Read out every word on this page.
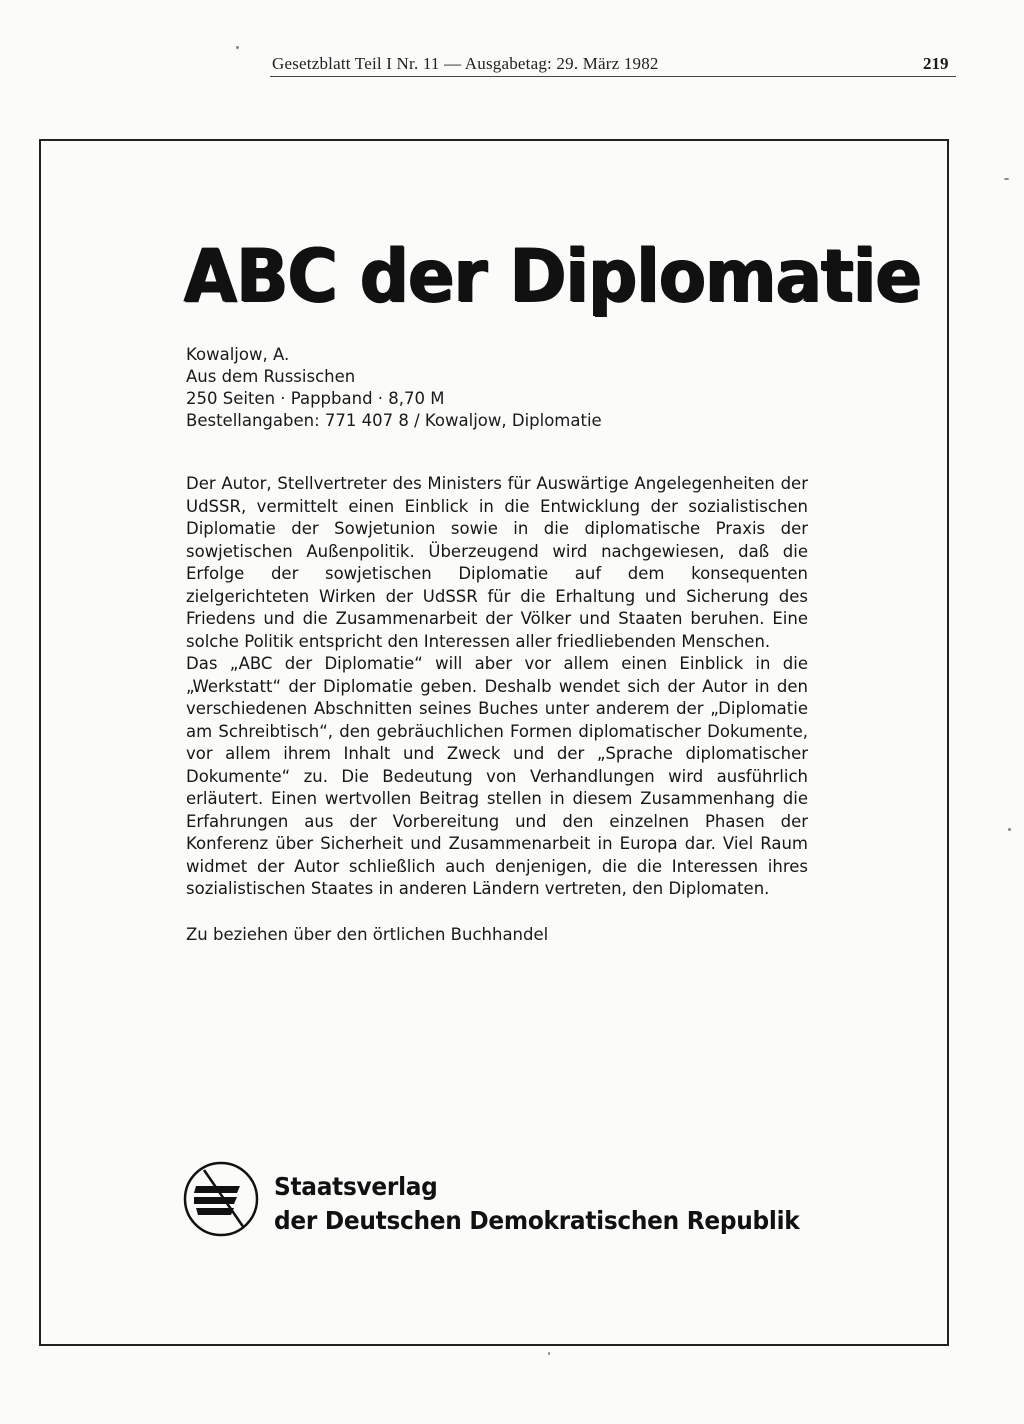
Gesetzblatt Teil I Nr. 11 — Ausgabetag: 29. März 1982	219
ABC der Diplomatie
Kowaljow, A.
Aus dem Russischen
250 Seiten · Pappband · 8,70 M
Bestellangaben: 771 407 8 / Kowaljow, Diplomatie

Der Autor, Stellvertreter des Ministers für Auswärtige Angelegenheiten der UdSSR, vermittelt einen Einblick in die Entwicklung der sozialistischen Diplomatie der Sowjetunion sowie in die diplomatische Praxis der sowjetischen Außenpolitik. Überzeugend wird nachgewiesen, daß die Erfolge der sowjetischen Diplomatie auf dem konsequenten zielgerichteten Wirken der UdSSR für die Erhaltung und Sicherung des Friedens und die Zusammenarbeit der Völker und Staaten beruhen. Eine solche Politik entspricht den Interessen aller friedliebenden Menschen.

Das „ABC der Diplomatie“ will aber vor allem einen Einblick in die „Werkstatt“ der Diplomatie geben. Deshalb wendet sich der Autor in den verschiedenen Abschnitten seines Buches unter anderem der „Diplomatie am Schreibtisch“, den gebräuchlichen Formen diplomatischer Dokumente, vor allem ihrem Inhalt und Zweck und der „Sprache diplomatischer Dokumente“ zu. Die Bedeutung von Verhandlungen wird ausführlich erläutert. Einen wertvollen Beitrag stellen in diesem Zusammenhang die Erfahrungen aus der Vorbereitung und den einzelnen Phasen der Konferenz über Sicherheit und Zusammenarbeit in Europa dar. Viel Raum widmet der Autor schließlich auch denjenigen, die die Interessen ihres sozialistischen Staates in anderen Ländern vertreten, den Diplomaten.

Zu beziehen über den örtlichen Buchhandel
Staatsverlag
der Deutschen Demokratischen Republik
